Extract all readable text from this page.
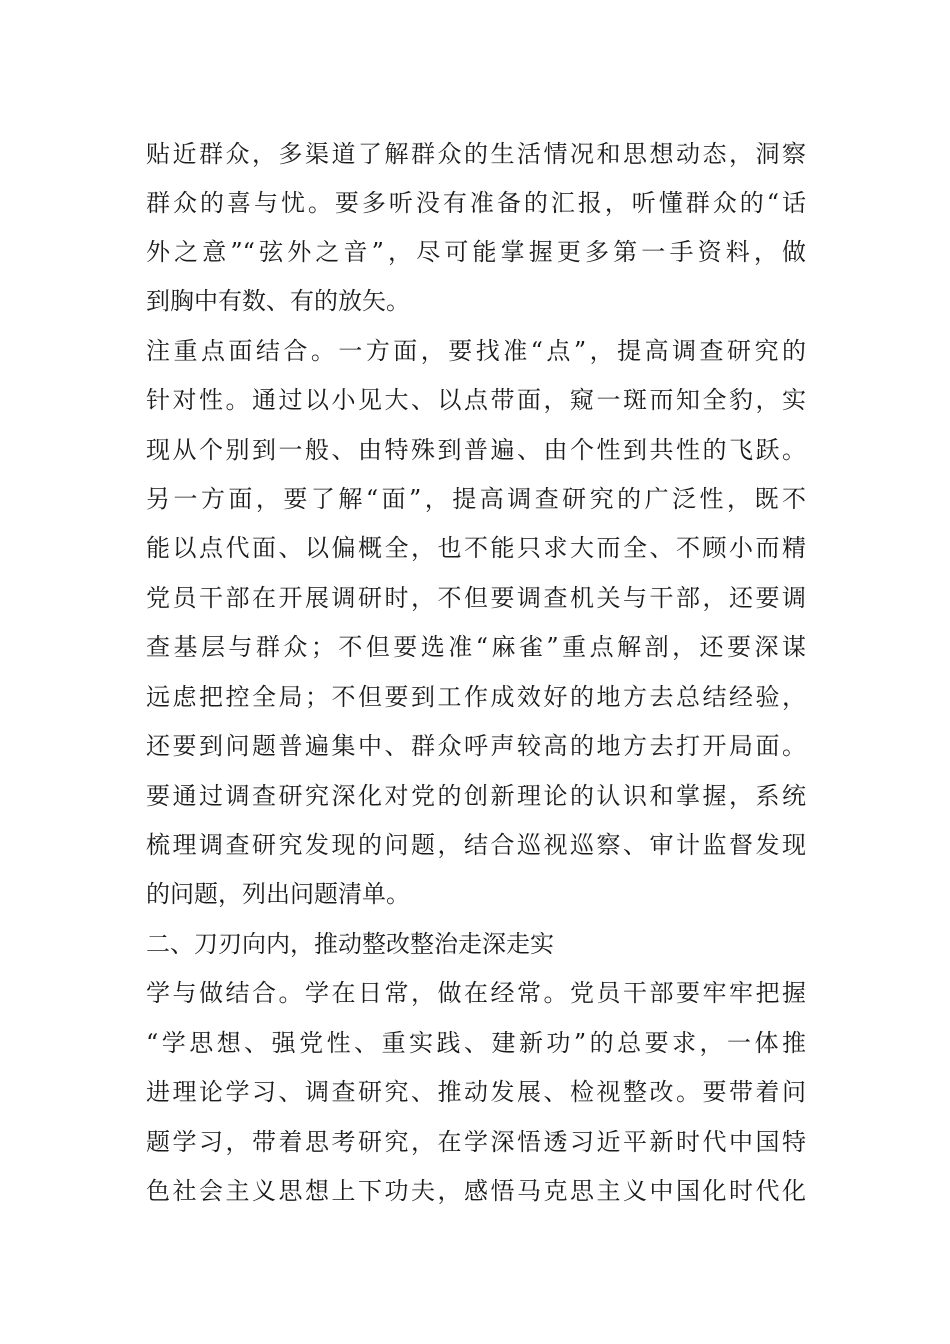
贴近群众，多渠道了解群众的生活情况和思想动态，洞察
群众的喜与忧。要多听没有准备的汇报，听懂群众的“话
外之意”“弦外之音”，尽可能掌握更多第一手资料，做
到胸中有数、有的放矢。
注重点面结合。一方面，要找准“点”，提高调查研究的
针对性。通过以小见大、以点带面，窥一斑而知全豹，实
现从个别到一般、由特殊到普遍、由个性到共性的飞跃。
另一方面，要了解“面”，提高调查研究的广泛性，既不
能以点代面、以偏概全，也不能只求大而全、不顾小而精
党员干部在开展调研时，不但要调查机关与干部，还要调
查基层与群众；不但要选准“麻雀”重点解剖，还要深谋
远虑把控全局；不但要到工作成效好的地方去总结经验，
还要到问题普遍集中、群众呼声较高的地方去打开局面。
要通过调查研究深化对党的创新理论的认识和掌握，系统
梳理调查研究发现的问题，结合巡视巡察、审计监督发现
的问题，列出问题清单。
二、刀刃向内，推动整改整治走深走实
学与做结合。学在日常，做在经常。党员干部要牢牢把握
“学思想、强党性、重实践、建新功”的总要求，一体推
进理论学习、调查研究、推动发展、检视整改。要带着问
题学习，带着思考研究，在学深悟透习近平新时代中国特
色社会主义思想上下功夫，感悟马克思主义中国化时代化
